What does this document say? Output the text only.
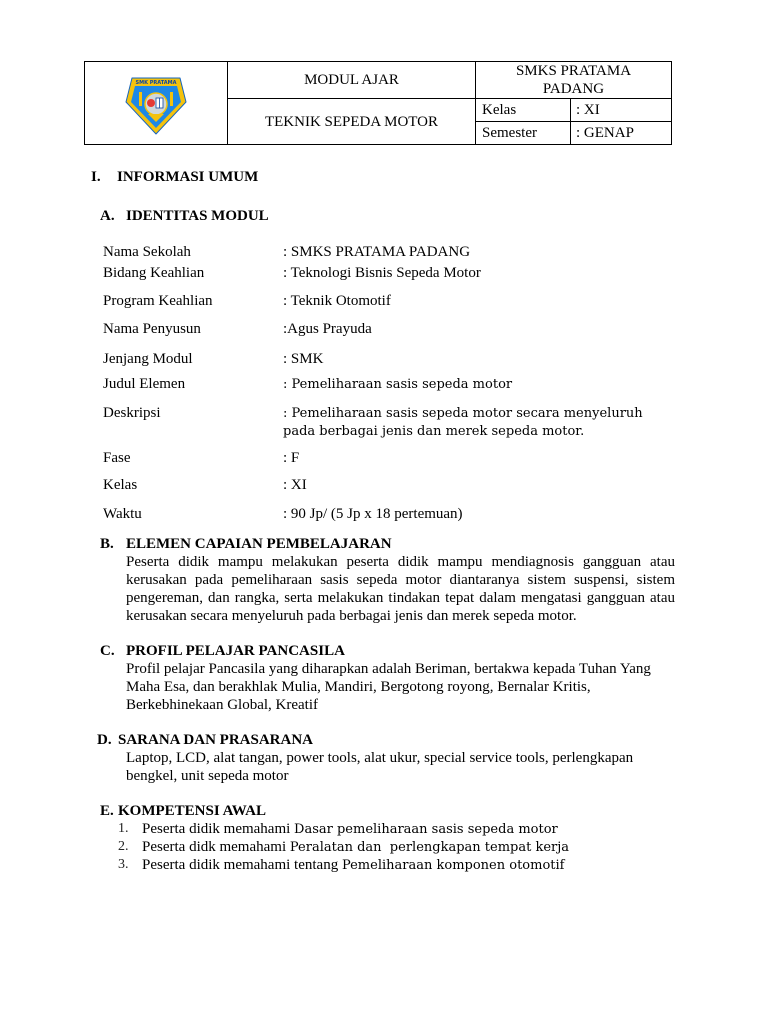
SMK PRATAMA	MODUL AJAR	SMKS PRATAMA PADANG	
	TEKNIK SEPEDA MOTOR	Kelas	: XI
		Semester	: GENAP
I. INFORMASI UMUM
A. IDENTITAS MODUL
Nama Sekolah	: SMKS PRATAMA PADANG
Bidang Keahlian	: Teknologi Bisnis Sepeda Motor
Program Keahlian	: Teknik Otomotif
Nama Penyusun	:Agus Prayuda
Jenjang Modul	: SMK
Judul Elemen	: Pemeliharaan sasis sepeda motor
Deskripsi	: Pemeliharaan sasis sepeda motor secara menyeluruh pada berbagai jenis dan merek sepeda motor.
Fase	: F
Kelas	: XI
Waktu	: 90 Jp/ (5 Jp x 18 pertemuan)
B. ELEMEN CAPAIAN PEMBELAJARAN
Peserta didik mampu melakukan peserta didik mampu mendiagnosis gangguan atau kerusakan pada pemeliharaan sasis sepeda motor diantaranya sistem suspensi, sistem pengereman, dan rangka, serta melakukan tindakan tepat dalam mengatasi gangguan atau kerusakan secara menyeluruh pada berbagai jenis dan merek sepeda motor.
C. PROFIL PELAJAR PANCASILA
Profil pelajar Pancasila yang diharapkan adalah Beriman, bertakwa kepada Tuhan Yang Maha Esa, dan berakhlak Mulia, Mandiri, Bergotong royong, Bernalar Kritis, Berkebhinekaan Global, Kreatif
D. SARANA DAN PRASARANA
Laptop, LCD, alat tangan, power tools, alat ukur, special service tools, perlengkapan bengkel, unit sepeda motor
E. KOMPETENSI AWAL
1. Peserta didik memahami Dasar pemeliharaan sasis sepeda motor
2. Peserta didk memahami Peralatan dan  perlengkapan tempat kerja
3. Peserta didik memahami tentang Pemeliharaan komponen otomotif
